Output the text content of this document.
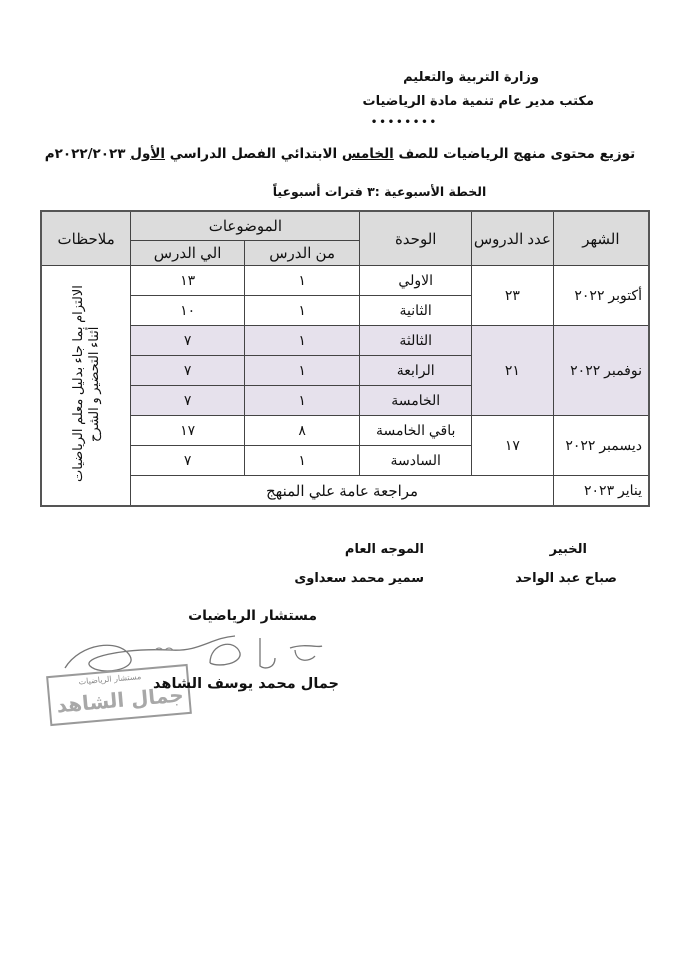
وزارة التربية والتعليم
مكتب مدير عام تنمية مادة الرياضيات
••••••••
توزيع محتوى منهج الرياضيات للصف الخامس الابتدائي الفصل الدراسي الأول ٢٠٢٢/٢٠٢٣م
الخطة الأسبوعية :٣ فترات أسبوعياً
الشهر	عدد الدروس	الوحدة	الموضوعات		ملاحظات
			من الدرس	الي الدرس	
أكتوبر ٢٠٢٢	٢٣	الاولي	١	١٣	الالتزام بما جاء بدليل معلم الرياضيات أثناء التحضير و الشرح
		الثانية	١	١٠	
نوفمبر ٢٠٢٢	٢١	الثالثة	١	٧	
		الرابعة	١	٧	
		الخامسة	١	٧	
ديسمبر ٢٠٢٢	١٧	باقي الخامسة	٨	١٧	
		السادسة	١	٧	
يناير ٢٠٢٣	مراجعة عامة علي المنهج				
الخبير
صباح عبد الواحد
الموجه العام
سمير محمد سعداوى
مستشار الرياضيات
مستشار الرياضيات
جمال الشاهد
جمال محمد يوسف الشاهد
